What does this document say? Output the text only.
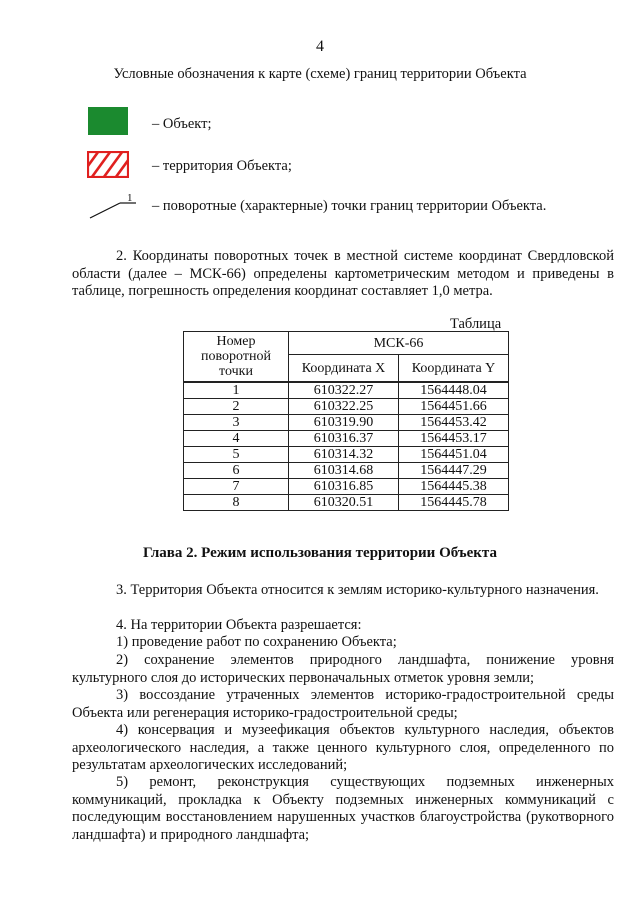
4
Условные обозначения к карте (схеме) границ территории Объекта
1
– Объект;
– территория Объекта;
– поворотные (характерные) точки границ территории Объекта.
2. Координаты поворотных точек в местной системе координат Свердловской области (далее – МСК-66) определены картометрическим методом и приведены в таблице, погрешность определения координат составляет 1,0 метра.
Таблица
Номер поворотной точки	МСК-66	
	Координата X	Координата Y
1	610322.27	1564448.04
2	610322.25	1564451.66
3	610319.90	1564453.42
4	610316.37	1564453.17
5	610314.32	1564451.04
6	610314.68	1564447.29
7	610316.85	1564445.38
8	610320.51	1564445.78
Глава 2. Режим использования территории Объекта
3. Территория Объекта относится к землям историко-культурного назначения.
4. На территории Объекта разрешается:
1) проведение работ по сохранению Объекта;
2) сохранение элементов природного ландшафта, понижение уровня культурного слоя до исторических первоначальных отметок уровня земли;
3) воссоздание утраченных элементов историко-градостроительной среды Объекта или регенерация историко-градостроительной среды;
4) консервация и музеефикация объектов культурного наследия, объектов археологического наследия, а также ценного культурного слоя, определенного по результатам археологических исследований;
5) ремонт, реконструкция существующих подземных инженерных коммуникаций, прокладка к Объекту подземных инженерных коммуникаций с последующим восстановлением нарушенных участков благоустройства (рукотворного ландшафта) и природного ландшафта;
